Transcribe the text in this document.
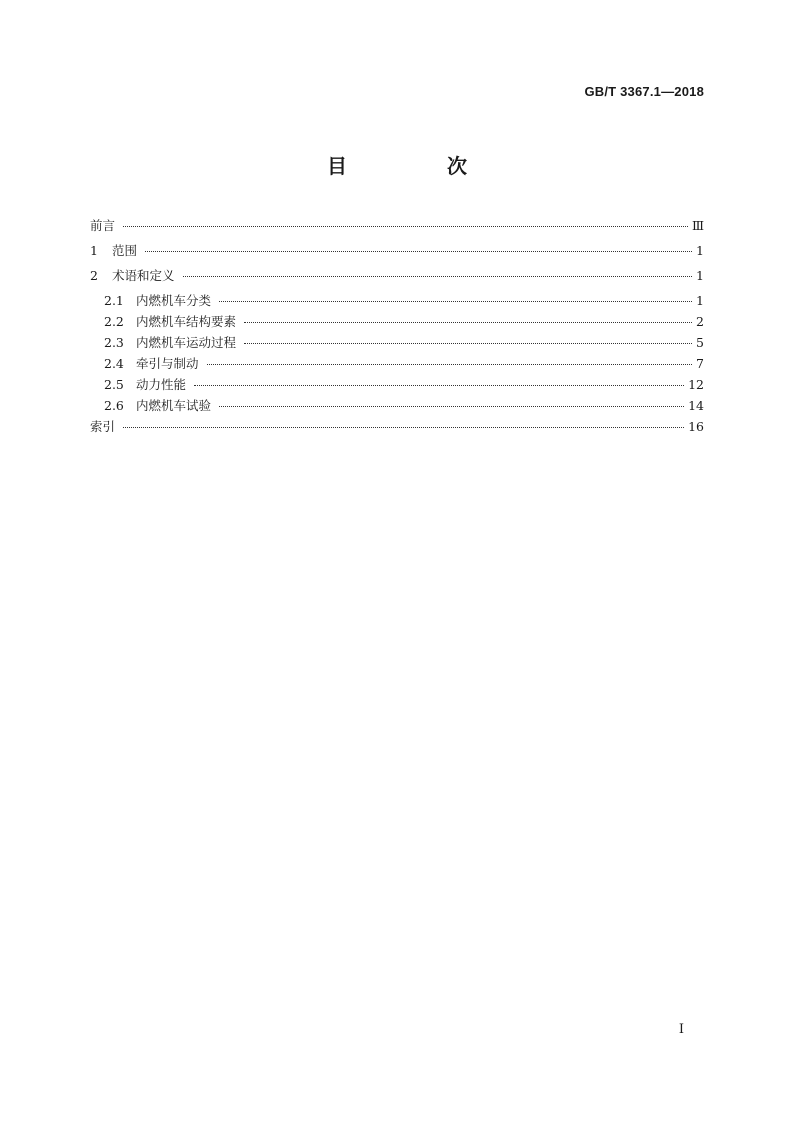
GB/T 3367.1—2018
目　次
前言	Ⅲ
1	范围	1
2	术语和定义	1
2.1 内燃机车分类	1
2.2 内燃机车结构要素	2
2.3 内燃机车运动过程	5
2.4 牵引与制动	7
2.5 动力性能	12
2.6 内燃机车试验	14
索引	16
I
